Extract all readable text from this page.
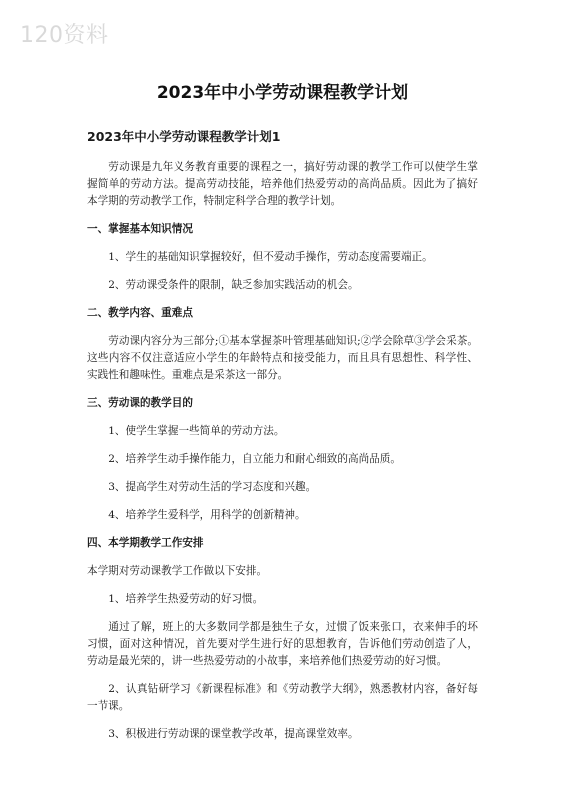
120资料
2023年中小学劳动课程教学计划
2023年中小学劳动课程教学计划1
劳动课是九年义务教育重要的课程之一，搞好劳动课的教学工作可以使学生掌握简单的劳动方法。提高劳动技能，培养他们热爱劳动的高尚品质。因此为了搞好本学期的劳动教学工作，特制定科学合理的教学计划。
一、掌握基本知识情况
1、学生的基础知识掌握较好，但不爱动手操作，劳动态度需要端正。
2、劳动课受条件的限制，缺乏参加实践活动的机会。
二、教学内容、重难点
劳动课内容分为三部分;①基本掌握茶叶管理基础知识;②学会除草③学会采茶。这些内容不仅注意适应小学生的年龄特点和接受能力，而且具有思想性、科学性、实践性和趣味性。重难点是采茶这一部分。
三、劳动课的教学目的
1、使学生掌握一些简单的劳动方法。
2、培养学生动手操作能力，自立能力和耐心细致的高尚品质。
3、提高学生对劳动生活的学习态度和兴趣。
4、培养学生爱科学，用科学的创新精神。
四、本学期教学工作安排
本学期对劳动课教学工作做以下安排。
1、培养学生热爱劳动的好习惯。
通过了解，班上的大多数同学都是独生子女，过惯了饭来张口，衣来伸手的坏习惯，面对这种情况，首先要对学生进行好的思想教育，告诉他们劳动创造了人，劳动是最光荣的，讲一些热爱劳动的小故事，来培养他们热爱劳动的好习惯。
2、认真钻研学习《新课程标准》和《劳动教学大纲》，熟悉教材内容，备好每一节课。
3、积极进行劳动课的课堂教学改革，提高课堂效率。
